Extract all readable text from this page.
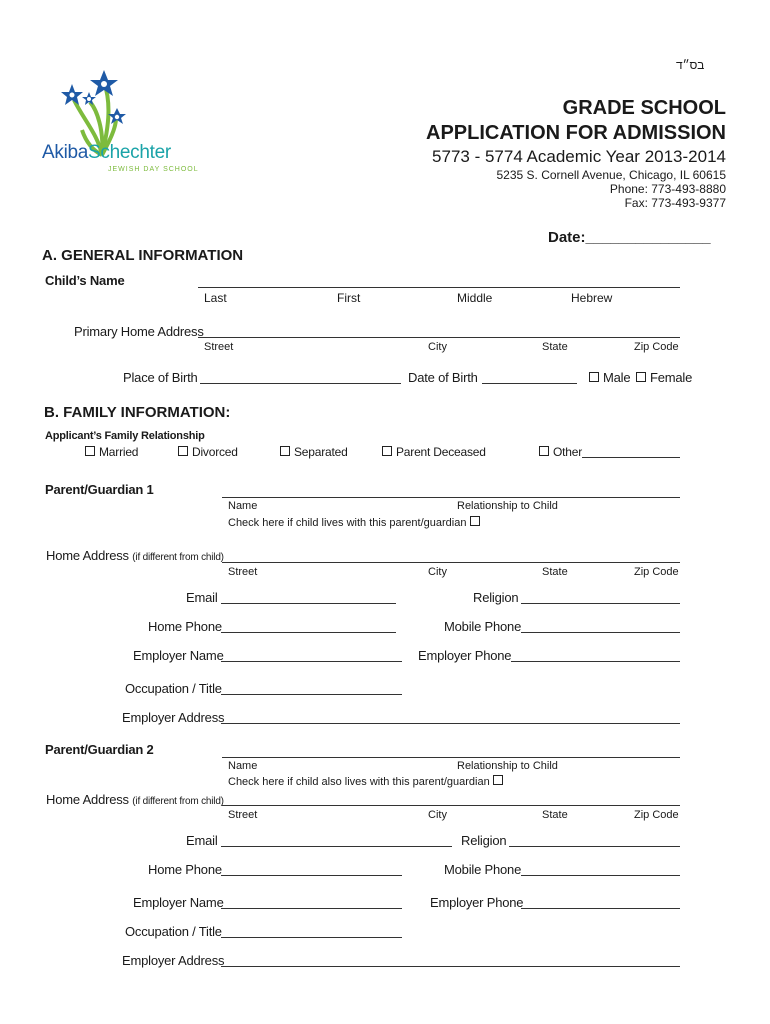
בס״ד
AkibaSchechter
JEWISH DAY SCHOOL
GRADE SCHOOL
APPLICATION FOR ADMISSION
5773 - 5774 Academic Year 2013-2014
5235 S. Cornell Avenue, Chicago, IL 60615
Phone: 773-493-8880
Fax: 773-493-9377
Date:_______________
A. GENERAL INFORMATION
Child’s Name
Last	First	Middle	Hebrew
Primary Home Address
Street	City	State	Zip Code
Place of Birth	Date of Birth	Male	Female
B. FAMILY INFORMATION:
Applicant’s Family Relationship
Married	Divorced	Separated	Parent Deceased	Other
Parent/Guardian 1
Name	Relationship to Child
Check here if child lives with this parent/guardian
Home Address (if different from child)
Street	City	State	Zip Code
Email	Religion
Home Phone	Mobile Phone
Employer Name	Employer Phone
Occupation / Title
Employer Address
Parent/Guardian 2
Name	Relationship to Child
Check here if child also lives with this parent/guardian
Home Address (if different from child)
Street	City	State	Zip Code
Email	Religion
Home Phone	Mobile Phone
Employer Name	Employer Phone
Occupation / Title
Employer Address
